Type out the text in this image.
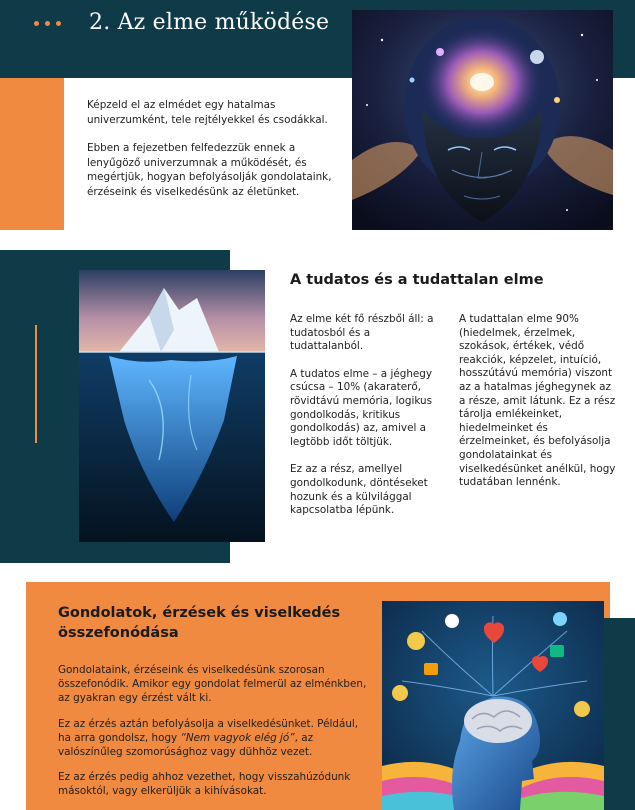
2. Az elme működése

Képzeld el az elmédet egy hatalmas univerzumként, tele rejtélyekkel és csodákkal.

Ebben a fejezetben felfedezzük ennek a lenyűgöző univerzumnak a működését, és megértjük, hogyan befolyásolják gondolataink, érzéseink és viselkedésünk az életünket.

A tudatos és a tudattalan elme

Az elme két fő részből áll: a tudatosból és a tudattalanból.

A tudatos elme – a jéghegy csúcsa – 10% (akaraterő, rövidtávú memória, logikus gondolkodás, kritikus gondolkodás) az, amivel a legtöbb időt töltjük.

Ez az a rész, amellyel gondolkodunk, döntéseket hozunk és a külvilággal kapcsolatba lépünk.

A tudattalan elme 90% (hiedelmek, érzelmek, szokások, értékek, védő reakciók, képzelet, intuíció, hosszútávú memória) viszont az a hatalmas jéghegynek az a része, amit látunk. Ez a rész tárolja emlékeinket, hiedelmeinket és érzelmeinket, és befolyásolja gondolatainkat és viselkedésünket anélkül, hogy tudatában lennénk.

Gondolatok, érzések és viselkedés összefonódása

Gondolataink, érzéseink és viselkedésünk szorosan összefonódik. Amikor egy gondolat felmerül az elménkben, az gyakran egy érzést vált ki.

Ez az érzés aztán befolyásolja a viselkedésünket. Például, ha arra gondolsz, hogy “Nem vagyok elég jó”, az valószínűleg szomorúsághoz vagy dühhöz vezet.

Ez az érzés pedig ahhoz vezethet, hogy visszahúzódunk másoktól, vagy elkerüljük a kihívásokat.
